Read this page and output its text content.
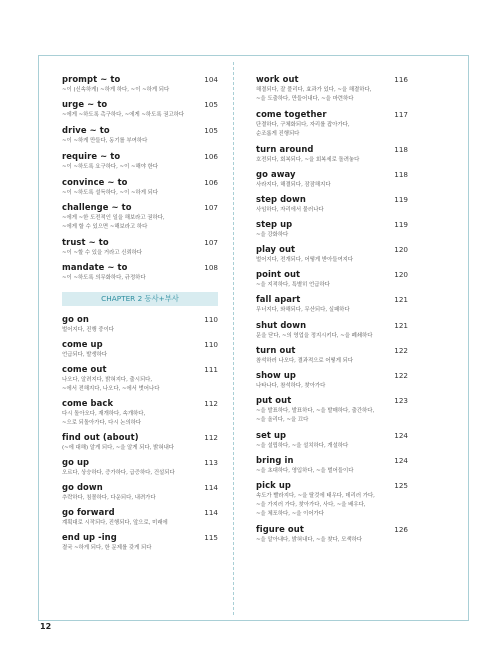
prompt ~ to	104
~이 (신속하게) ~하게 하다, ~이 ~하게 되다
urge ~ to	105
~에게 ~하도록 촉구하다, ~에게 ~하도록 권고하다
drive ~ to	105
~이 ~하게 만들다, 동기를 부여하다
require ~ to	106
~이 ~하도록 요구하다, ~이 ~해야 한다
convince ~ to	106
~이 ~하도록 설득하다, ~이 ~하게 되다
challenge ~ to	107
~에게 ~한 도전적인 일을 해보라고 권하다,
~에게 할 수 있으면 ~해보라고 하다
trust ~ to	107
~이 ~할 수 있을 거라고 신뢰하다
mandate ~ to	108
~이 ~하도록 의무화하다, 규정하다
CHAPTER 2 동사+부사
go on	110
벌어지다, 진행 중이다
come up	110
언급되다, 발생하다
come out	111
나오다, 알려지다, 밝혀지다, 출시되다,
~에서 전해지다, 나오다, ~에서 벗어나다
come back	112
다시 돌아오다, 재개하다, 속개하다,
~으로 되돌아가다, 다시 논의하다
find out (about)	112
(~에 대해) 알게 되다, ~을 알게 되다, 밝혀내다
go up	113
오르다, 상승하다, 증가하다, 급증하다, 건설되다
go down	114
추락하다, 침몰하다, 다운되다, 내려가다
go forward	114
계획대로 시작되다, 진행되다, 앞으로, 미래에
end up -ing	115
결국 ~하게 되다, 한 문제를 갖게 되다
work out	116
해결되다, 잘 풀리다, 효과가 있다, ~을 해결하다,
~을 도출하다, 만들어내다, ~을 마련하다
come together	117
단결하다, 구체화되다, 자리를 잡아가다,
순조롭게 진행되다
turn around	118
호전되다, 회복되다, ~을 회복세로 돌려놓다
go away	118
사라지다, 해결되다, 잠잠해지다
step down	119
사임하다, 자리에서 물러나다
step up	119
~을 강화하다
play out	120
벌어지다, 전개되다, 어떻게 받아들여지다
point out	120
~을 지적하다, 특별히 언급하다
fall apart	121
무너지다, 와해되다, 무산되다, 실패하다
shut down	121
문을 닫다, ~의 영업을 정지시키다, ~을 폐쇄하다
turn out	122
참석하러 나오다, 결과적으로 어떻게 되다
show up	122
나타나다, 참석하다, 찾아가다
put out	123
~을 발표하다, 발표하다, ~을 발매하다, 출간하다,
~을 올리다, ~을 끄다
set up	124
~을 설립하다, ~을 설치하다, 개설하다
bring in	124
~을 초대하다, 영입하다, ~을 벌어들이다
pick up	125
속도가 빨라지다, ~을 탈것에 태우다, 데리러 가다,
~을 가지러 가다, 찾아가다, 사다, ~을 배우다,
~을 체포하다, ~을 이어가다
figure out	126
~을 알아내다, 밝혀내다, ~을 찾다, 모색하다
12
